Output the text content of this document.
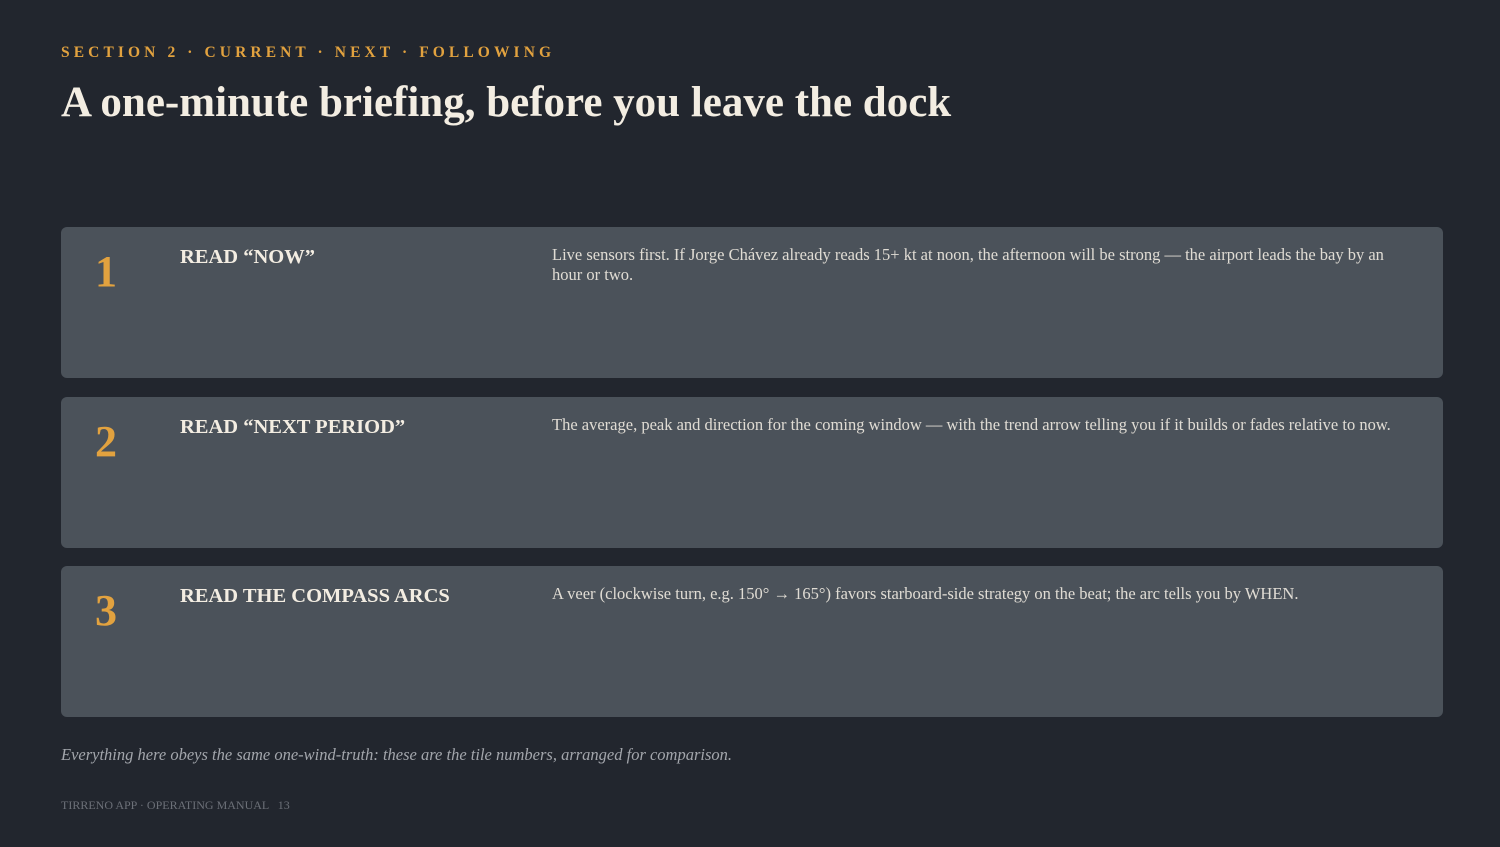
SECTION 2 · CURRENT · NEXT · FOLLOWING
A one-minute briefing, before you leave the dock
1	READ “NOW”	Live sensors first. If Jorge Chávez already reads 15+ kt at noon, the afternoon will be strong — the airport leads the bay by an hour or two.
2	READ “NEXT PERIOD”	The average, peak and direction for the coming window — with the trend arrow telling you if it builds or fades relative to now.
3	READ THE COMPASS ARCS	A veer (clockwise turn, e.g. 150° → 165°) favors starboard-side strategy on the beat; the arc tells you by WHEN.
Everything here obeys the same one-wind-truth: these are the tile numbers, arranged for comparison.
TIRRENO APP · OPERATING MANUAL 13
